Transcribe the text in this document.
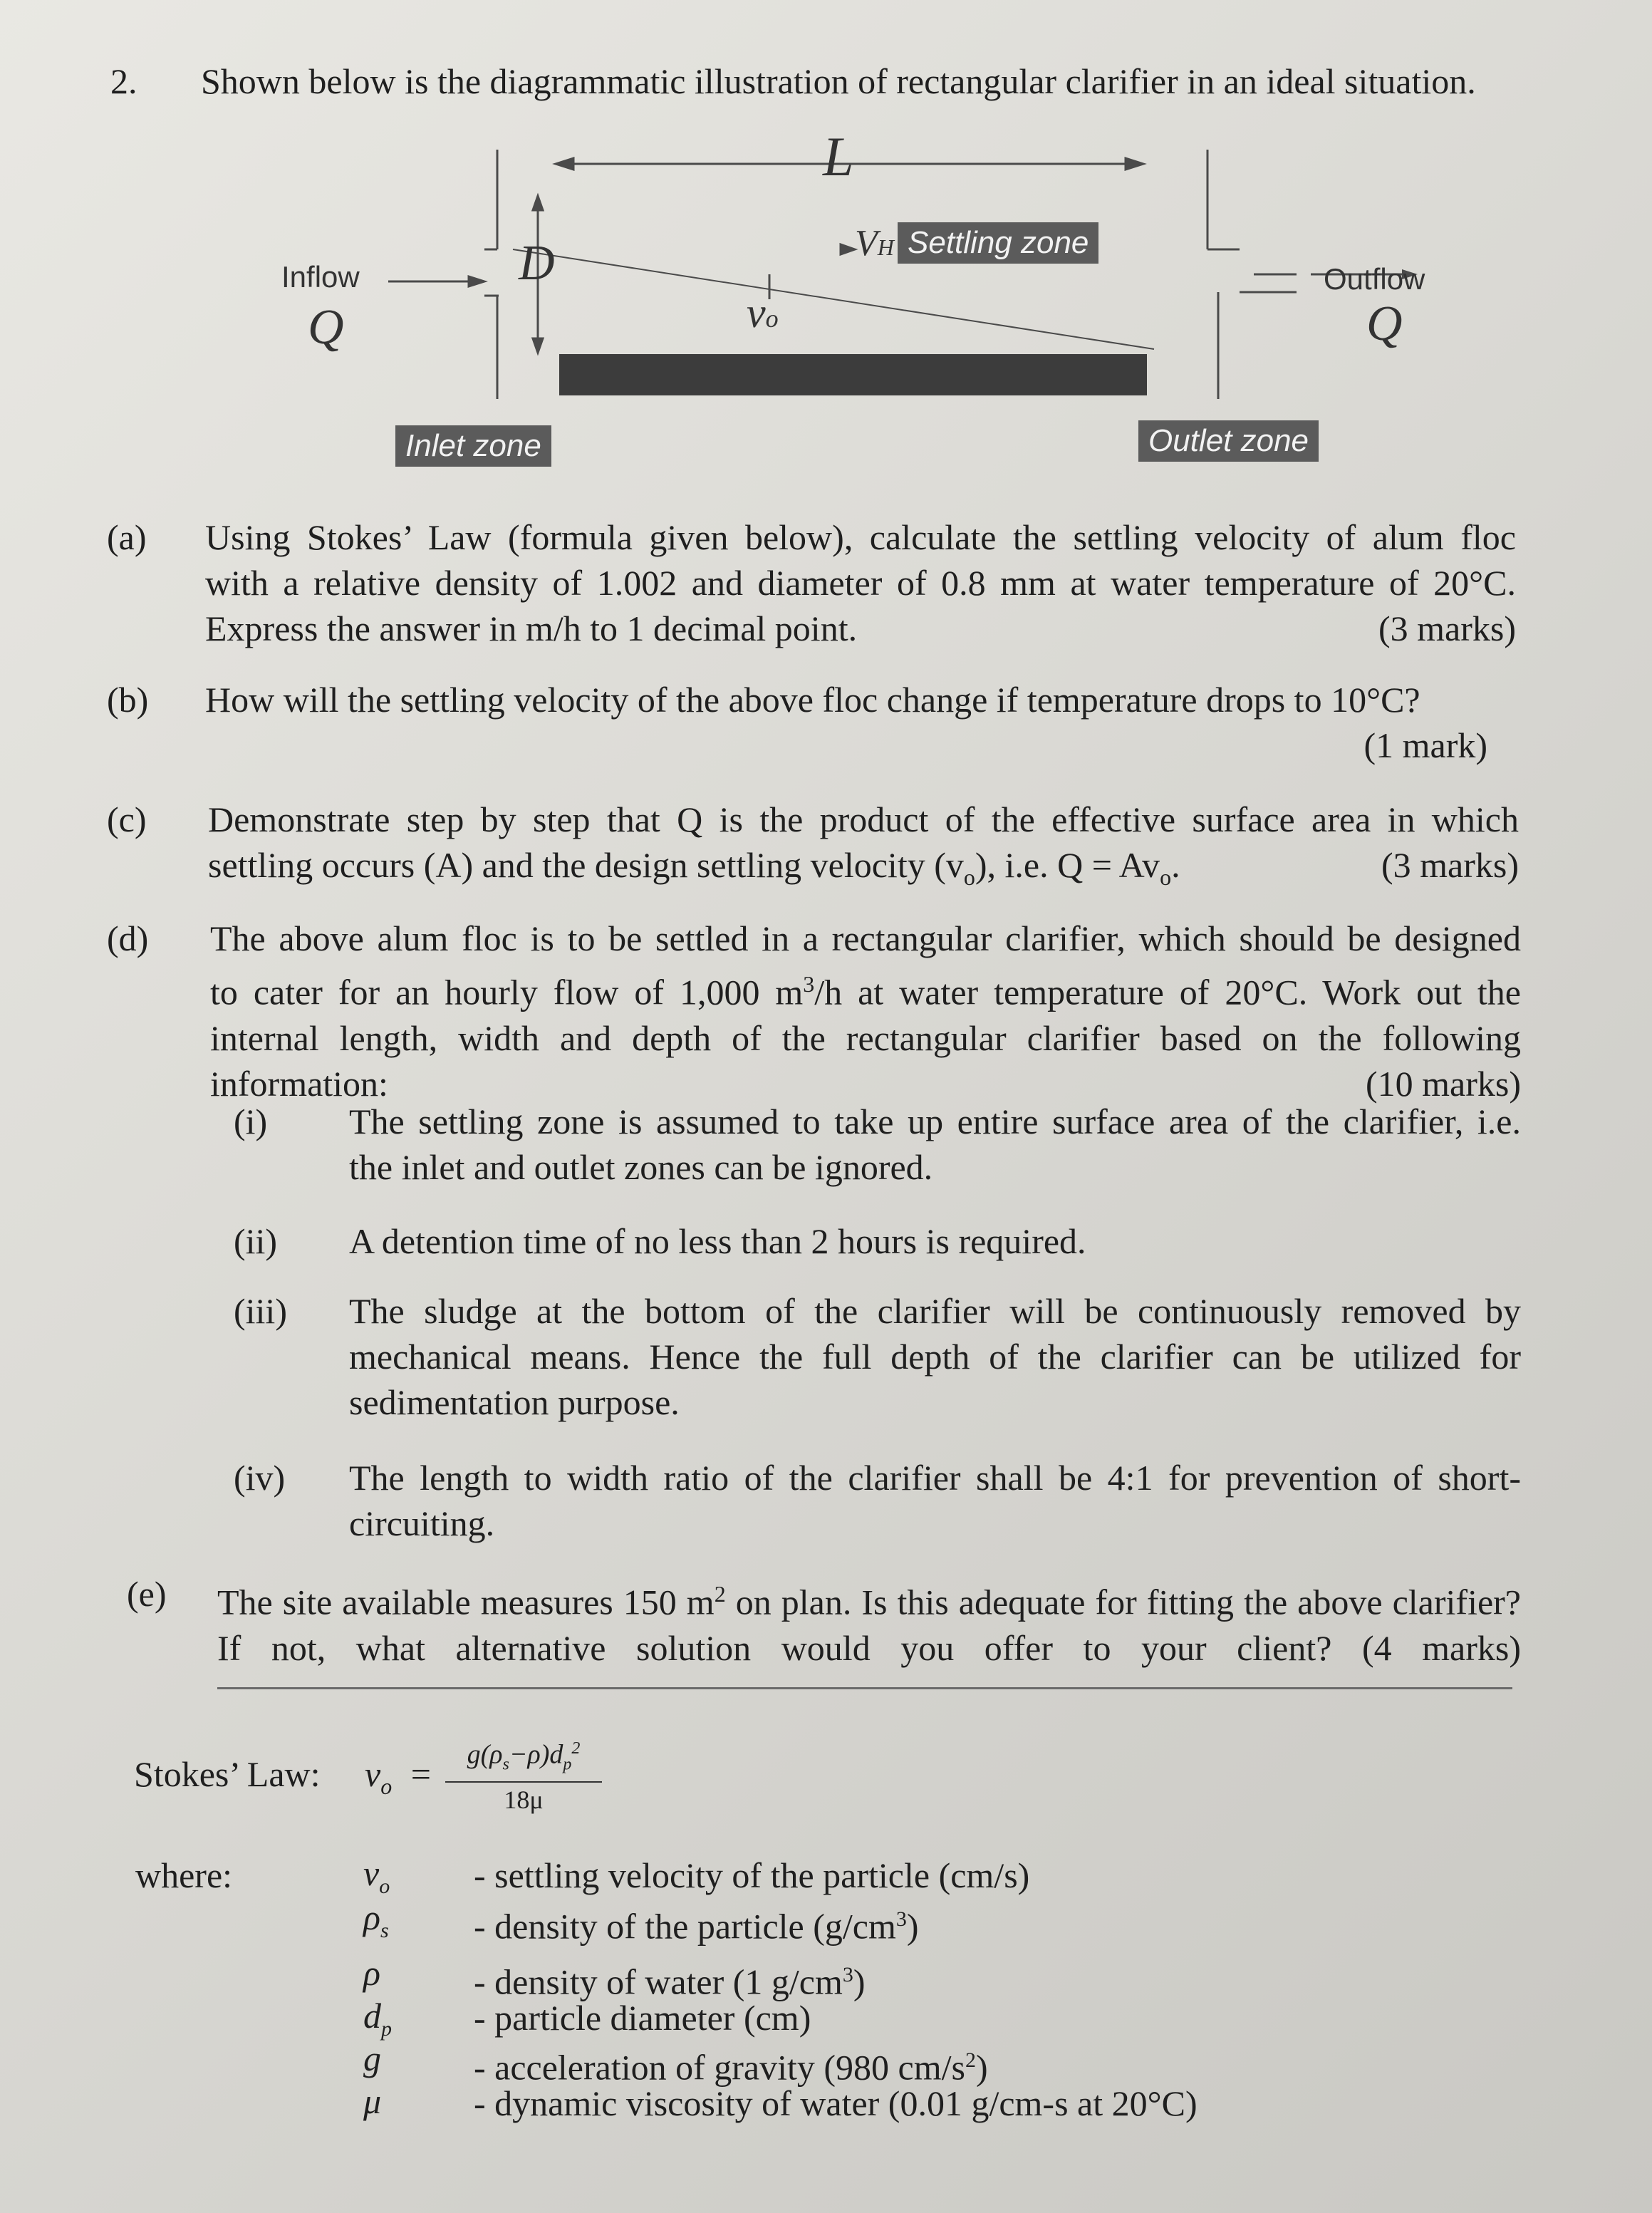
2. Shown below is the diagrammatic illustration of rectangular clarifier in an ideal situation.
L
D	VH Settling zone
Inflow
Q
Outflow
Q
vo
Inlet zone	Outlet zone
(a) Using Stokes’ Law (formula given below), calculate the settling velocity of alum floc
with a relative density of 1.002 and diameter of 0.8 mm at water temperature of 20°C.
Express the answer in m/h to 1 decimal point.	(3 marks)
(b) How will the settling velocity of the above floc change if temperature drops to 10°C?
(1 mark)
(c) Demonstrate step by step that Q is the product of the effective surface area in which
settling occurs (A) and the design settling velocity $(v_o)$, i.e. $Q = Av_o$.	(3 marks)
(d) The above alum floc is to be settled in a rectangular clarifier, which should be designed
to cater for an hourly flow of 1,000 $m^3/h$ at water temperature of 20°C. Work out the
internal length, width and depth of the rectangular clarifier based on the following
information:	(10 marks)
(i) The settling zone is assumed to take up entire surface area of the clarifier, i.e.
the inlet and outlet zones can be ignored.
(ii) A detention time of no less than 2 hours is required.
(iii) The sludge at the bottom of the clarifier will be continuously removed by
mechanical means. Hence the full depth of the clarifier can be utilized for
sedimentation purpose.
(iv) The length to width ratio of the clarifier shall be 4:1 for prevention of short-
circuiting.
(e) The site available measures 150 $m^2$ on plan. Is this adequate for fitting the above clarifier?
If not, what alternative solution would you offer to your client? (4 marks)
Stokes’ Law: $v_o$ =	$g(\rho_s-\rho)d_p^2$
18μ
where:	$v_o$ - settling velocity of the particle (cm/s)
$\rho_s$ - density of the particle $(g/cm^3)$
ρ	- density of water (1 $g/cm^3$)
$d_p$ - particle diameter (cm)
g	- acceleration of gravity (980 $cm/s^2$)
μ	- dynamic viscosity of water (0.01 g/cm-s at 20°C)
